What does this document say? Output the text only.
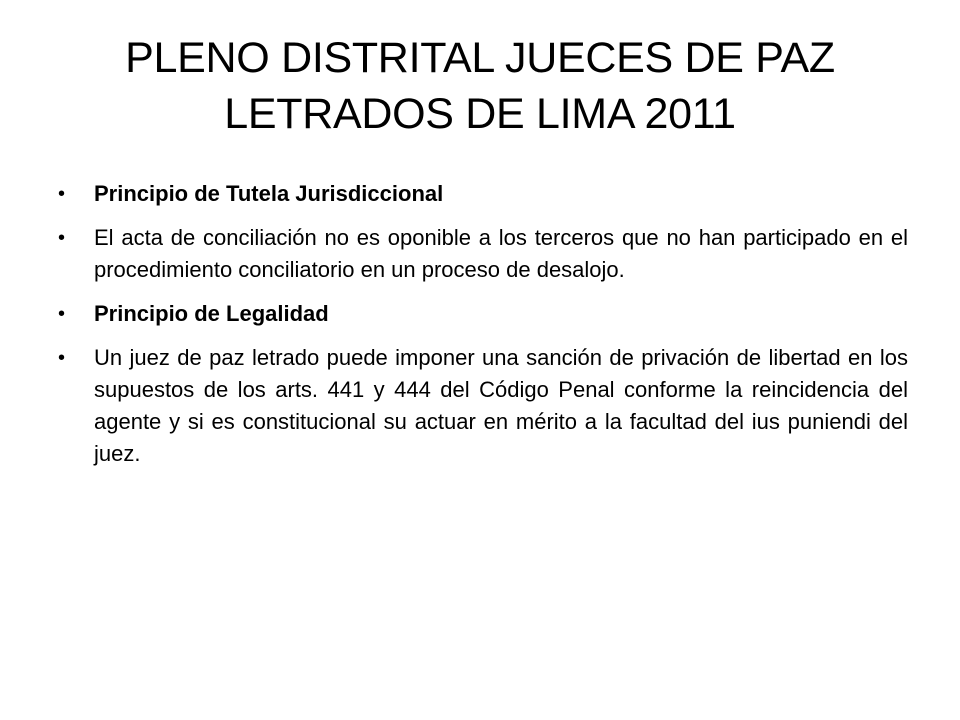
PLENO DISTRITAL JUECES DE PAZ
LETRADOS DE LIMA 2011
• Principio de Tutela Jurisdiccional
• El acta de conciliación no es oponible a los terceros que no han participado en el procedimiento conciliatorio en un proceso de desalojo.
• Principio de Legalidad
• Un juez de paz letrado puede imponer una sanción de privación de libertad en los supuestos de los arts. 441 y 444 del Código Penal conforme la reincidencia del agente y si es constitucional su actuar en mérito a la facultad del ius puniendi del juez.
